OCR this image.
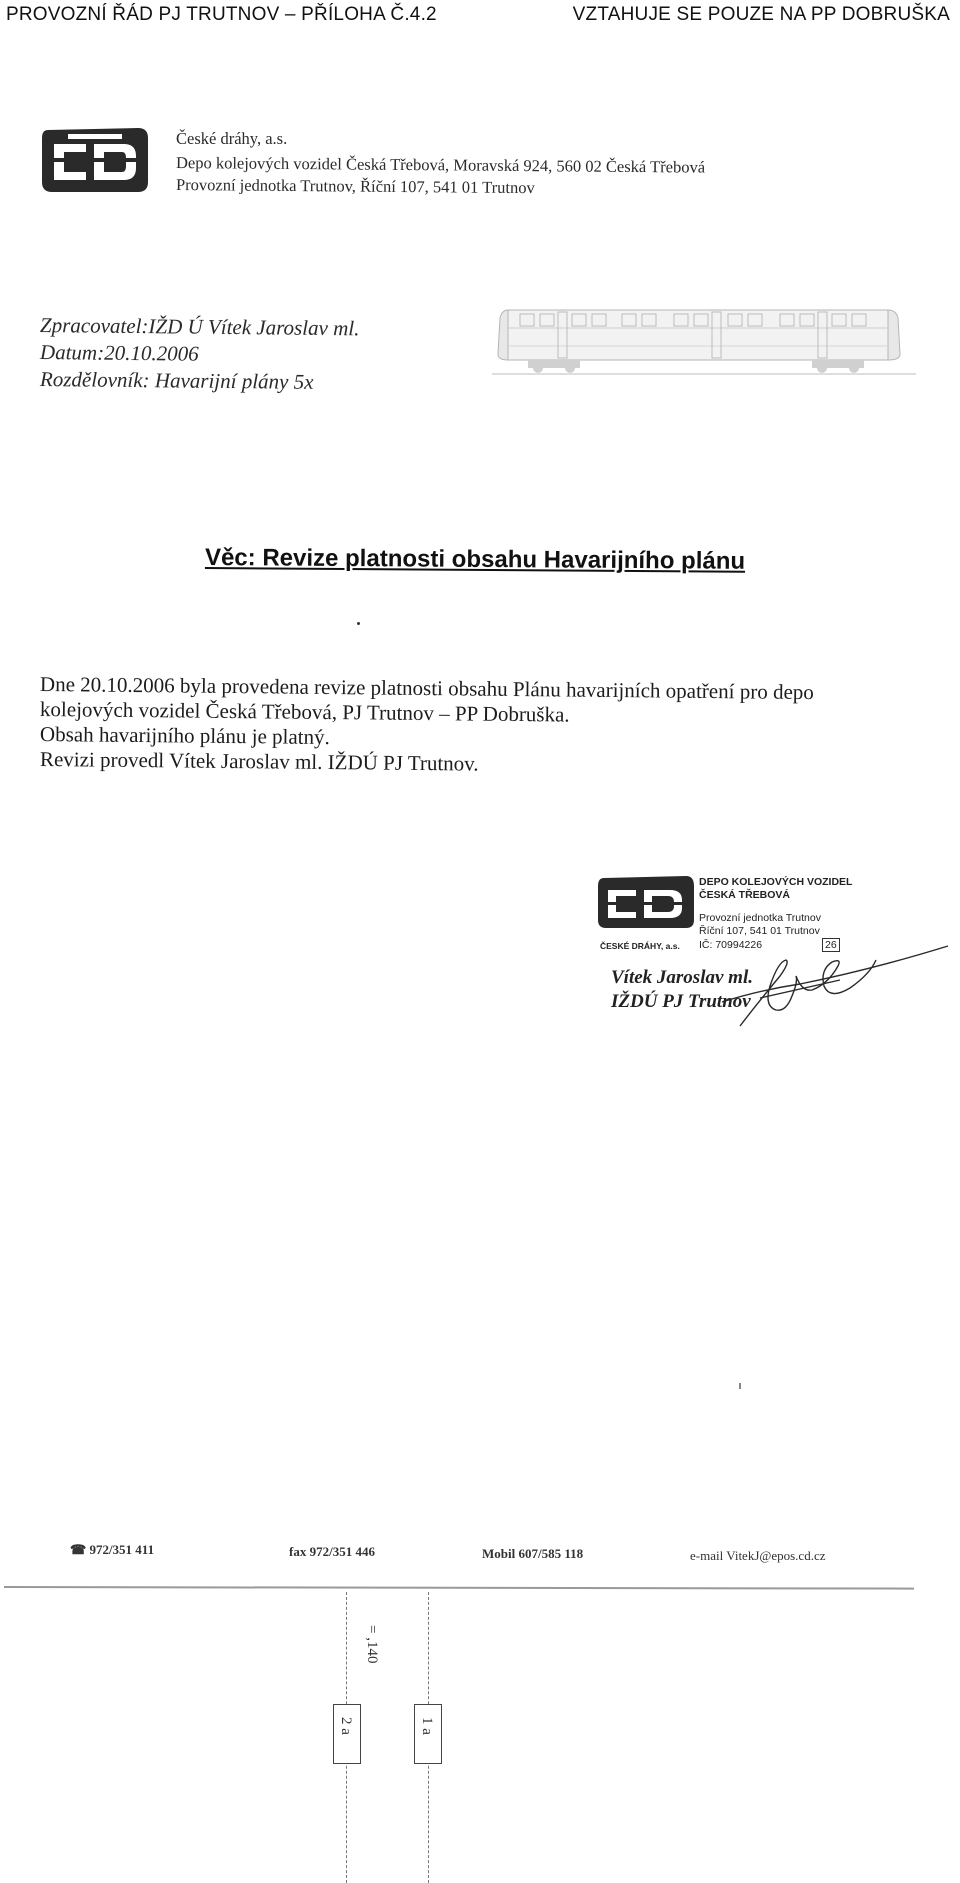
PROVOZNÍ ŘÁD PJ TRUTNOV – PŘÍLOHA Č.4.2	VZTAHUJE SE POUZE NA PP DOBRUŠKA
České dráhy, a.s.
Depo kolejových vozidel Česká Třebová, Moravská 924, 560 02 Česká Třebová
Provozní jednotka Trutnov, Říční 107, 541 01 Trutnov
Zpracovatel:IŽD Ú Vítek Jaroslav ml.
Datum:20.10.2006
Rozdělovník: Havarijní plány 5x
Věc: Revize platnosti obsahu Havarijního plánu
Dne 20.10.2006 byla provedena revize platnosti obsahu Plánu havarijních opatření pro depo
kolejových vozidel Česká Třebová, PJ Trutnov – PP Dobruška.
Obsah havarijního plánu je platný.
Revizi provedl Vítek Jaroslav ml. IŽDÚ PJ Trutnov.
DEPO KOLEJOVÝCH VOZIDEL
ČESKÁ TŘEBOVÁ
Provozní jednotka Trutnov
Říční 107, 541 01 Trutnov
ČESKÉ DRÁHY, a.s. IČ: 70994226	26
Vítek Jaroslav ml.
IŽDÚ PJ Trutnov
☎ 972/351 411	fax 972/351 446	Mobil 607/585 118	e-mail VitekJ@epos.cd.cz
= ,140
2 a	1 a
